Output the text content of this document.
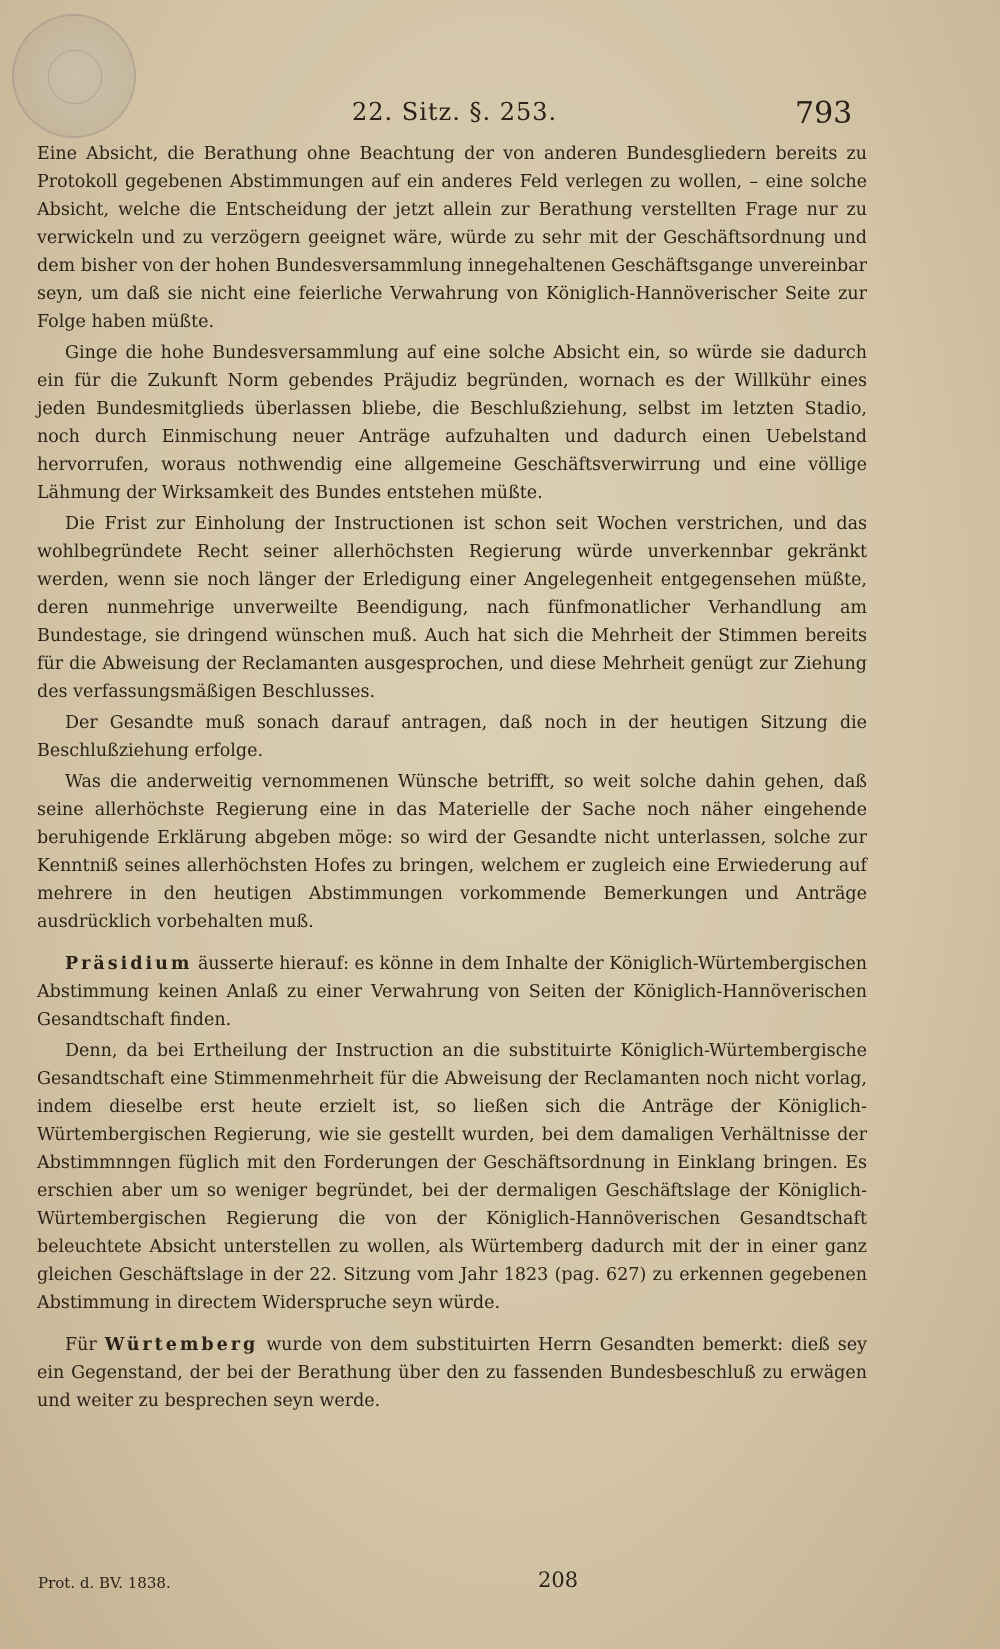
22. Sitz. §. 253.	793

Eine Absicht, die Berathung ohne Beachtung der von anderen Bundesgliedern bereits zu Protokoll gegebenen Abstimmungen auf ein anderes Feld verlegen zu wollen, – eine solche Absicht, welche die Entscheidung der jetzt allein zur Berathung verstellten Frage nur zu verwickeln und zu verzögern geeignet wäre, würde zu sehr mit der Geschäftsordnung und dem bisher von der hohen Bundesversammlung innegehaltenen Geschäftsgange unvereinbar seyn, um daß sie nicht eine feierliche Verwahrung von Königlich-Hannöverischer Seite zur Folge haben müßte.

Ginge die hohe Bundesversammlung auf eine solche Absicht ein, so würde sie dadurch ein für die Zukunft Norm gebendes Präjudiz begründen, wornach es der Willkühr eines jeden Bundesmitglieds überlassen bliebe, die Beschlußziehung, selbst im letzten Stadio, noch durch Einmischung neuer Anträge aufzuhalten und dadurch einen Uebelstand hervorrufen, woraus nothwendig eine allgemeine Geschäftsverwirrung und eine völlige Lähmung der Wirksamkeit des Bundes entstehen müßte.

Die Frist zur Einholung der Instructionen ist schon seit Wochen verstrichen, und das wohlbegründete Recht seiner allerhöchsten Regierung würde unverkennbar gekränkt werden, wenn sie noch länger der Erledigung einer Angelegenheit entgegensehen müßte, deren nunmehrige unverweilte Beendigung, nach fünfmonatlicher Verhandlung am Bundestage, sie dringend wünschen muß. Auch hat sich die Mehrheit der Stimmen bereits für die Abweisung der Reclamanten ausgesprochen, und diese Mehrheit genügt zur Ziehung des verfassungsmäßigen Beschlusses.

Der Gesandte muß sonach darauf antragen, daß noch in der heutigen Sitzung die Beschlußziehung erfolge.

Was die anderweitig vernommenen Wünsche betrifft, so weit solche dahin gehen, daß seine allerhöchste Regierung eine in das Materielle der Sache noch näher eingehende beruhigende Erklärung abgeben möge: so wird der Gesandte nicht unterlassen, solche zur Kenntniß seines allerhöchsten Hofes zu bringen, welchem er zugleich eine Erwiederung auf mehrere in den heutigen Abstimmungen vorkommende Bemerkungen und Anträge ausdrücklich vorbehalten muß.

Präsidium äusserte hierauf: es könne in dem Inhalte der Königlich-Würtembergischen Abstimmung keinen Anlaß zu einer Verwahrung von Seiten der Königlich-Hannöverischen Gesandtschaft finden.

Denn, da bei Ertheilung der Instruction an die substituirte Königlich-Würtembergische Gesandtschaft eine Stimmenmehrheit für die Abweisung der Reclamanten noch nicht vorlag, indem dieselbe erst heute erzielt ist, so ließen sich die Anträge der Königlich-Würtembergischen Regierung, wie sie gestellt wurden, bei dem damaligen Verhältnisse der Abstimmnngen füglich mit den Forderungen der Geschäftsordnung in Einklang bringen. Es erschien aber um so weniger begründet, bei der dermaligen Geschäftslage der Königlich-Würtembergischen Regierung die von der Königlich-Hannöverischen Gesandtschaft beleuchtete Absicht unterstellen zu wollen, als Würtemberg dadurch mit der in einer ganz gleichen Geschäftslage in der 22. Sitzung vom Jahr 1823 (pag. 627) zu erkennen gegebenen Abstimmung in directem Widerspruche seyn würde.

Für Würtemberg wurde von dem substituirten Herrn Gesandten bemerkt: dieß sey ein Gegenstand, der bei der Berathung über den zu fassenden Bundesbeschluß zu erwägen und weiter zu besprechen seyn werde.

Prot. d. BV. 1838.	208
